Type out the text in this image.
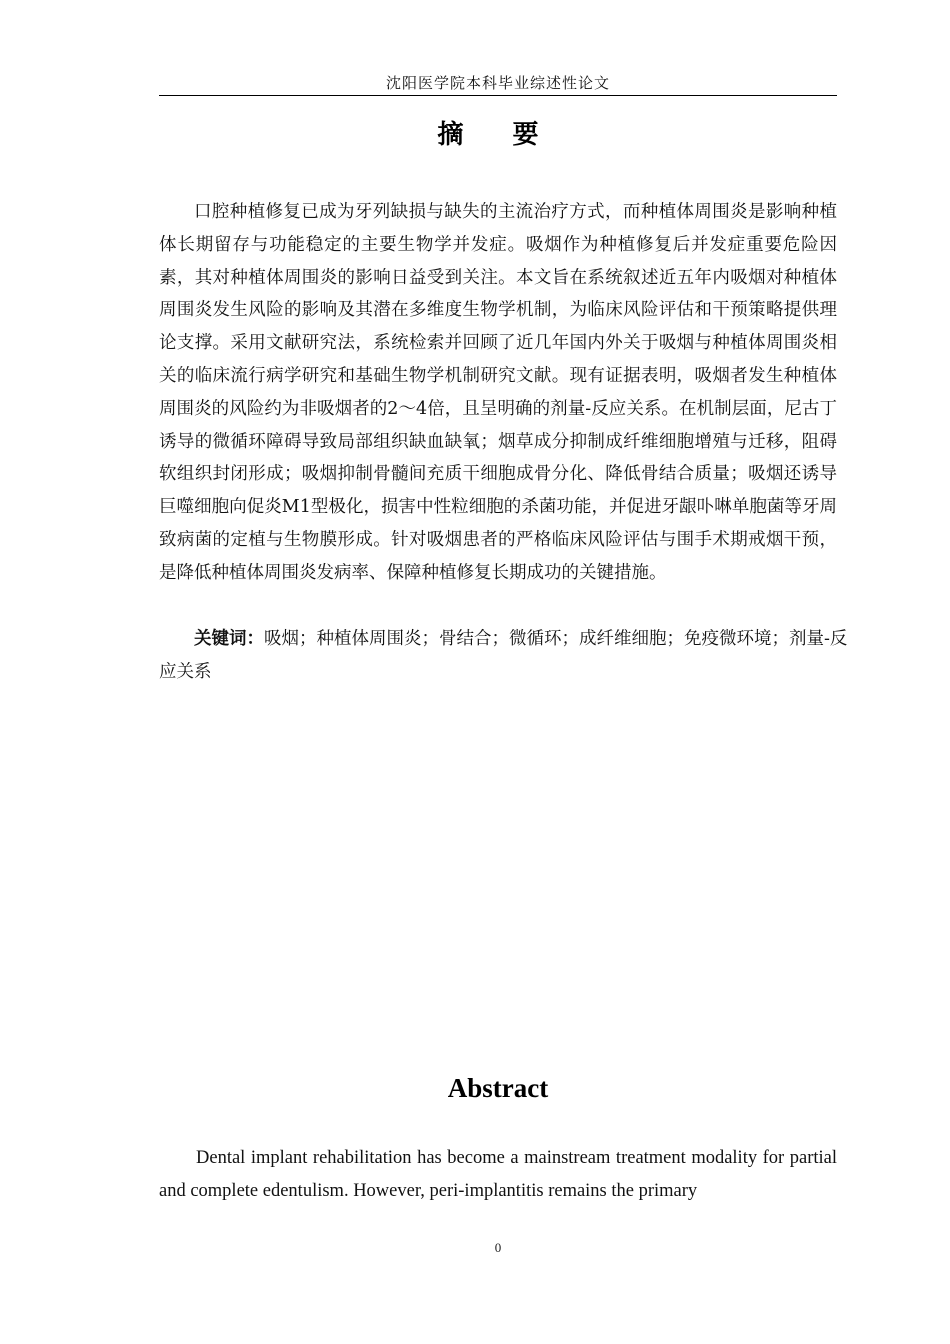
沈阳医学院本科毕业综述性论文
摘 要

口腔种植修复已成为牙列缺损与缺失的主流治疗方式，而种植体周围炎是影响种植体长期留存与功能稳定的主要生物学并发症。吸烟作为种植修复后并发症重要危险因素，其对种植体周围炎的影响日益受到关注。本文旨在系统叙述近五年内吸烟对种植体周围炎发生风险的影响及其潜在多维度生物学机制，为临床风险评估和干预策略提供理论支撑。采用文献研究法，系统检索并回顾了近几年国内外关于吸烟与种植体周围炎相关的临床流行病学研究和基础生物学机制研究文献。现有证据表明，吸烟者发生种植体周围炎的风险约为非吸烟者的2～4倍，且呈明确的剂量-反应关系。在机制层面，尼古丁诱导的微循环障碍导致局部组织缺血缺氧；烟草成分抑制成纤维细胞增殖与迁移，阻碍软组织封闭形成；吸烟抑制骨髓间充质干细胞成骨分化、降低骨结合质量；吸烟还诱导巨噬细胞向促炎M1型极化，损害中性粒细胞的杀菌功能，并促进牙龈卟啉单胞菌等牙周致病菌的定植与生物膜形成。针对吸烟患者的严格临床风险评估与围手术期戒烟干预，是降低种植体周围炎发病率、保障种植修复长期成功的关键措施。

关键词：吸烟；种植体周围炎；骨结合；微循环；成纤维细胞；免疫微环境；剂量-反应关系

Abstract

Dental implant rehabilitation has become a mainstream treatment modality for partial and complete edentulism. However, peri-implantitis remains the primary

0
